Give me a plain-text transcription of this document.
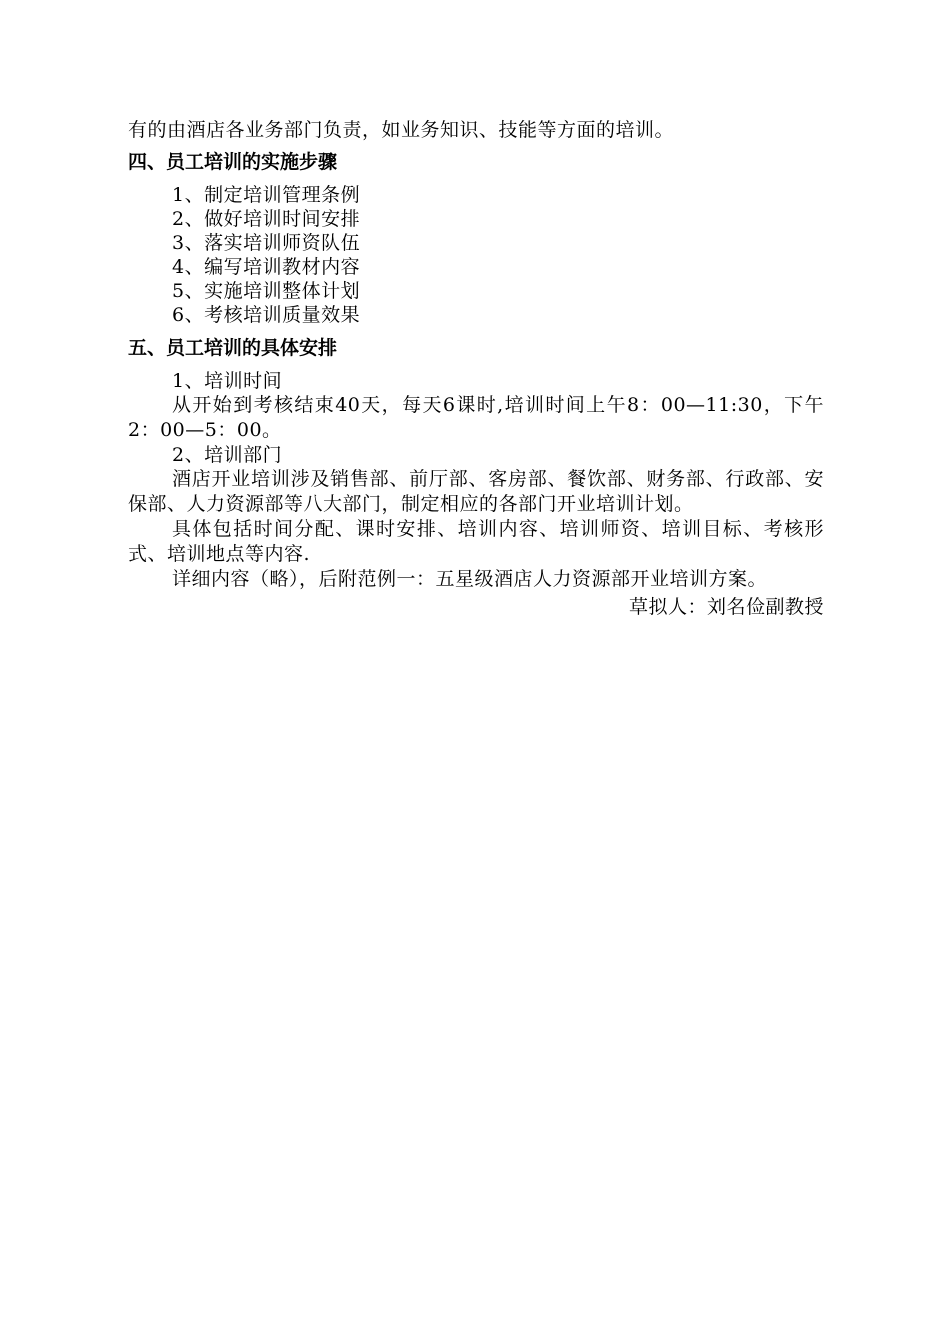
有的由酒店各业务部门负责，如业务知识、技能等方面的培训。
四、员工培训的实施步骤
1、制定培训管理条例
2、做好培训时间安排
3、落实培训师资队伍
4、编写培训教材内容
5、实施培训整体计划
6、考核培训质量效果
五、员工培训的具体安排
1、培训时间
从开始到考核结束40天，每天6课时,培训时间上午8：00—11:30，下午2：00—5：00。
2、培训部门
酒店开业培训涉及销售部、前厅部、客房部、餐饮部、财务部、行政部、安保部、人力资源部等八大部门，制定相应的各部门开业培训计划。
具体包括时间分配、课时安排、培训内容、培训师资、培训目标、考核形式、培训地点等内容.
详细内容（略），后附范例一：五星级酒店人力资源部开业培训方案。
草拟人：刘名俭副教授
